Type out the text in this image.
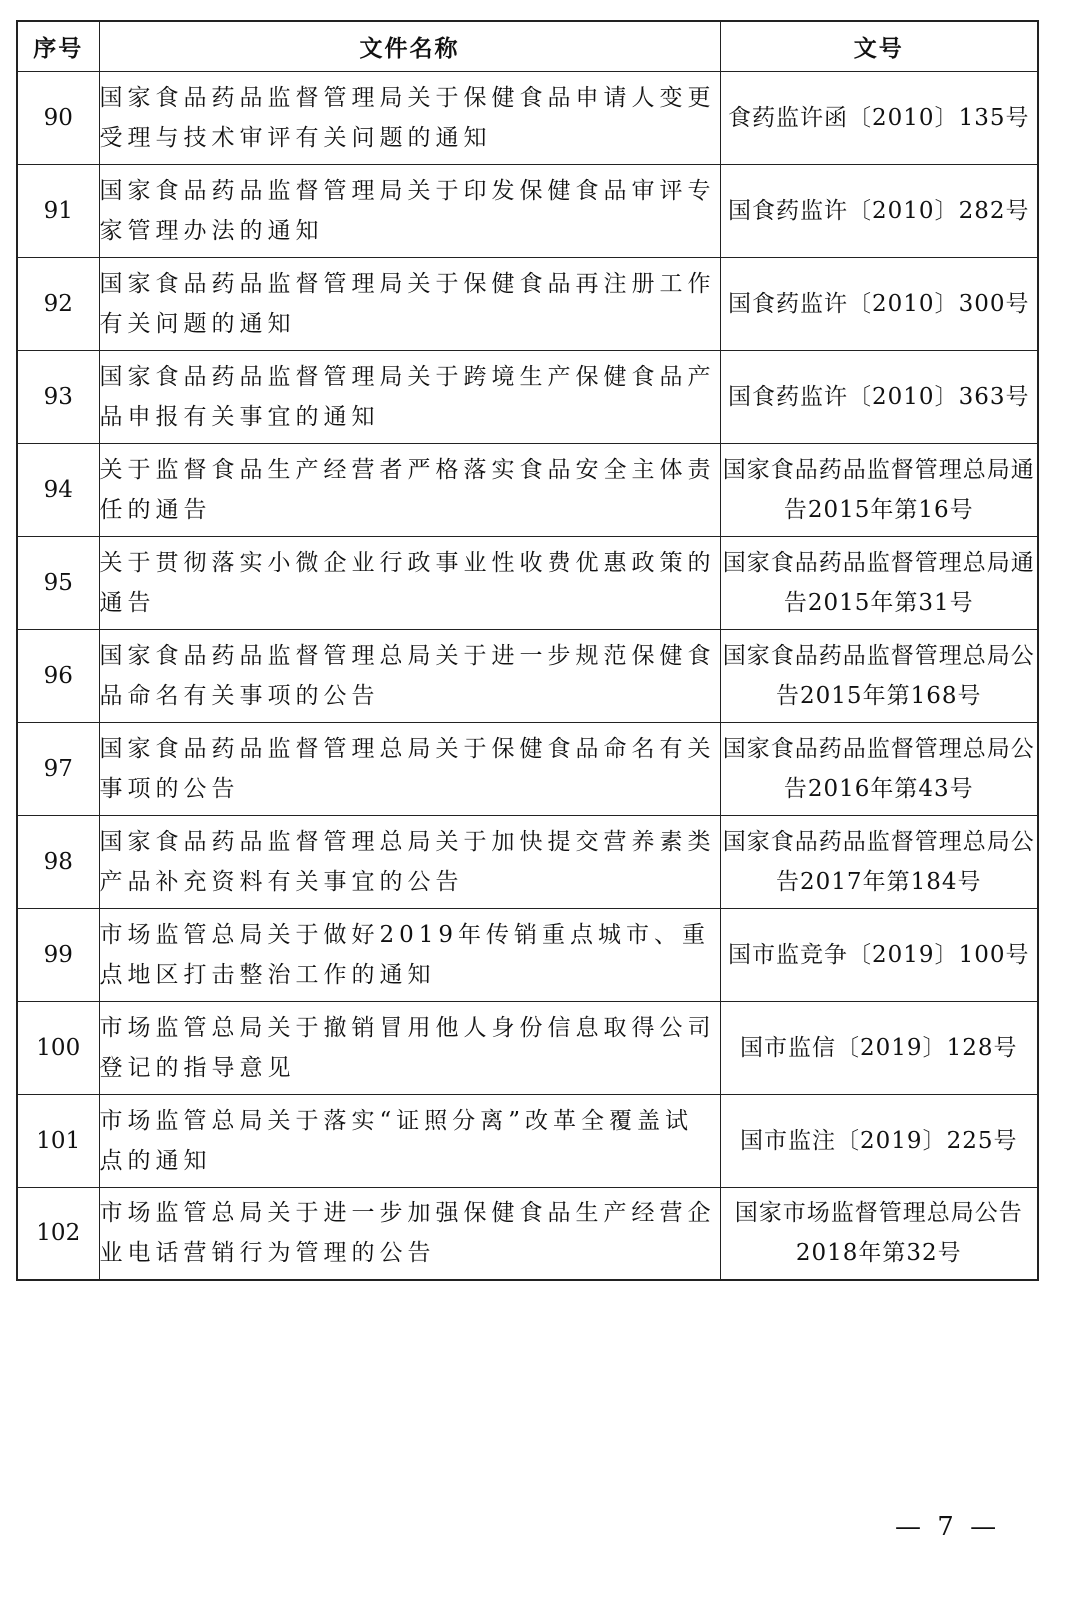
序号	文件名称	文号
90	国家食品药品监督管理局关于保健食品申请人变更受理与技术审评有关问题的通知	食药监许函〔2010〕135号
91	国家食品药品监督管理局关于印发保健食品审评专家管理办法的通知	国食药监许〔2010〕282号
92	国家食品药品监督管理局关于保健食品再注册工作有关问题的通知	国食药监许〔2010〕300号
93	国家食品药品监督管理局关于跨境生产保健食品产品申报有关事宜的通知	国食药监许〔2010〕363号
94	关于监督食品生产经营者严格落实食品安全主体责任的通告	国家食品药品监督管理总局通告2015年第16号
95	关于贯彻落实小微企业行政事业性收费优惠政策的通告	国家食品药品监督管理总局通告2015年第31号
96	国家食品药品监督管理总局关于进一步规范保健食品命名有关事项的公告	国家食品药品监督管理总局公告2015年第168号
97	国家食品药品监督管理总局关于保健食品命名有关事项的公告	国家食品药品监督管理总局公告2016年第43号
98	国家食品药品监督管理总局关于加快提交营养素类产品补充资料有关事宜的公告	国家食品药品监督管理总局公告2017年第184号
99	市场监管总局关于做好2019年传销重点城市、重点地区打击整治工作的通知	国市监竞争〔2019〕100号
100	市场监管总局关于撤销冒用他人身份信息取得公司登记的指导意见	国市监信〔2019〕128号
101	市场监管总局关于落实“证照分离”改革全覆盖试点的通知	国市监注〔2019〕225号
102	市场监管总局关于进一步加强保健食品生产经营企业电话营销行为管理的公告	国家市场监督管理总局公告2018年第32号
— 7 —
